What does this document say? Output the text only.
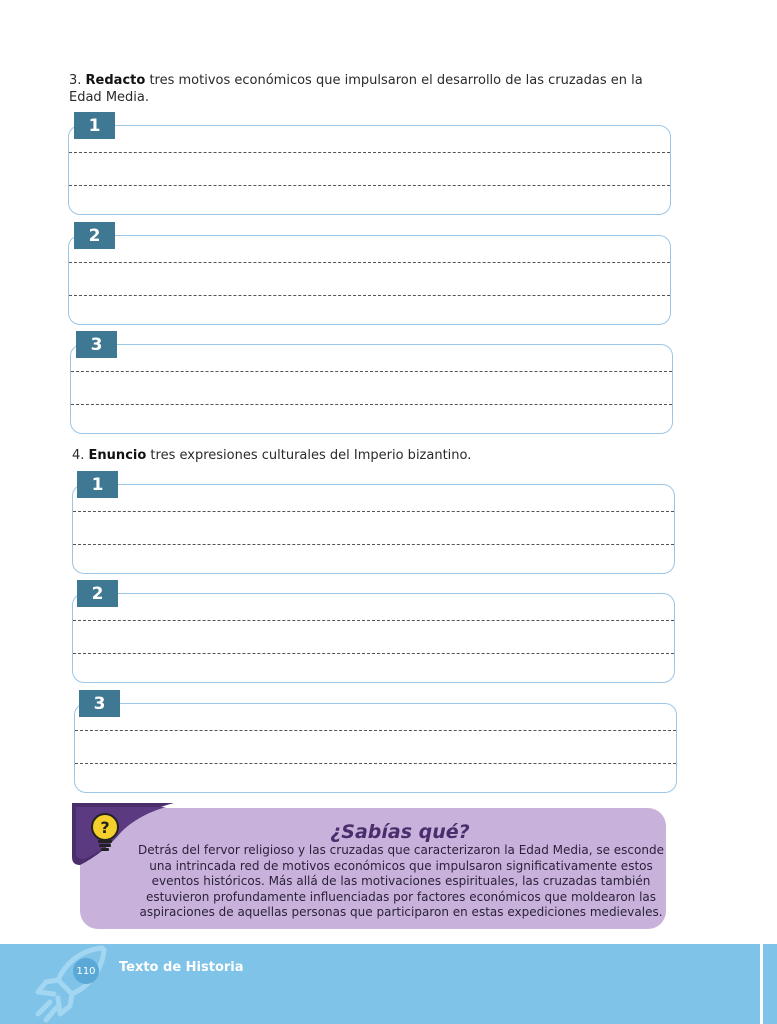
3. Redacto tres motivos económicos que impulsaron el desarrollo de las cruzadas en la Edad Media.
1
2
3
4. Enuncio tres expresiones culturales del Imperio bizantino.
1
2
3
?	¿Sabías qué?
Detrás del fervor religioso y las cruzadas que caracterizaron la Edad Media, se esconde una intrincada red de motivos económicos que impulsaron significativamente estos eventos históricos. Más allá de las motivaciones espirituales, las cruzadas también estuvieron profundamente influenciadas por factores económicos que moldearon las aspiraciones de aquellas personas que participaron en estas expediciones medievales.
110 Texto de Historia
